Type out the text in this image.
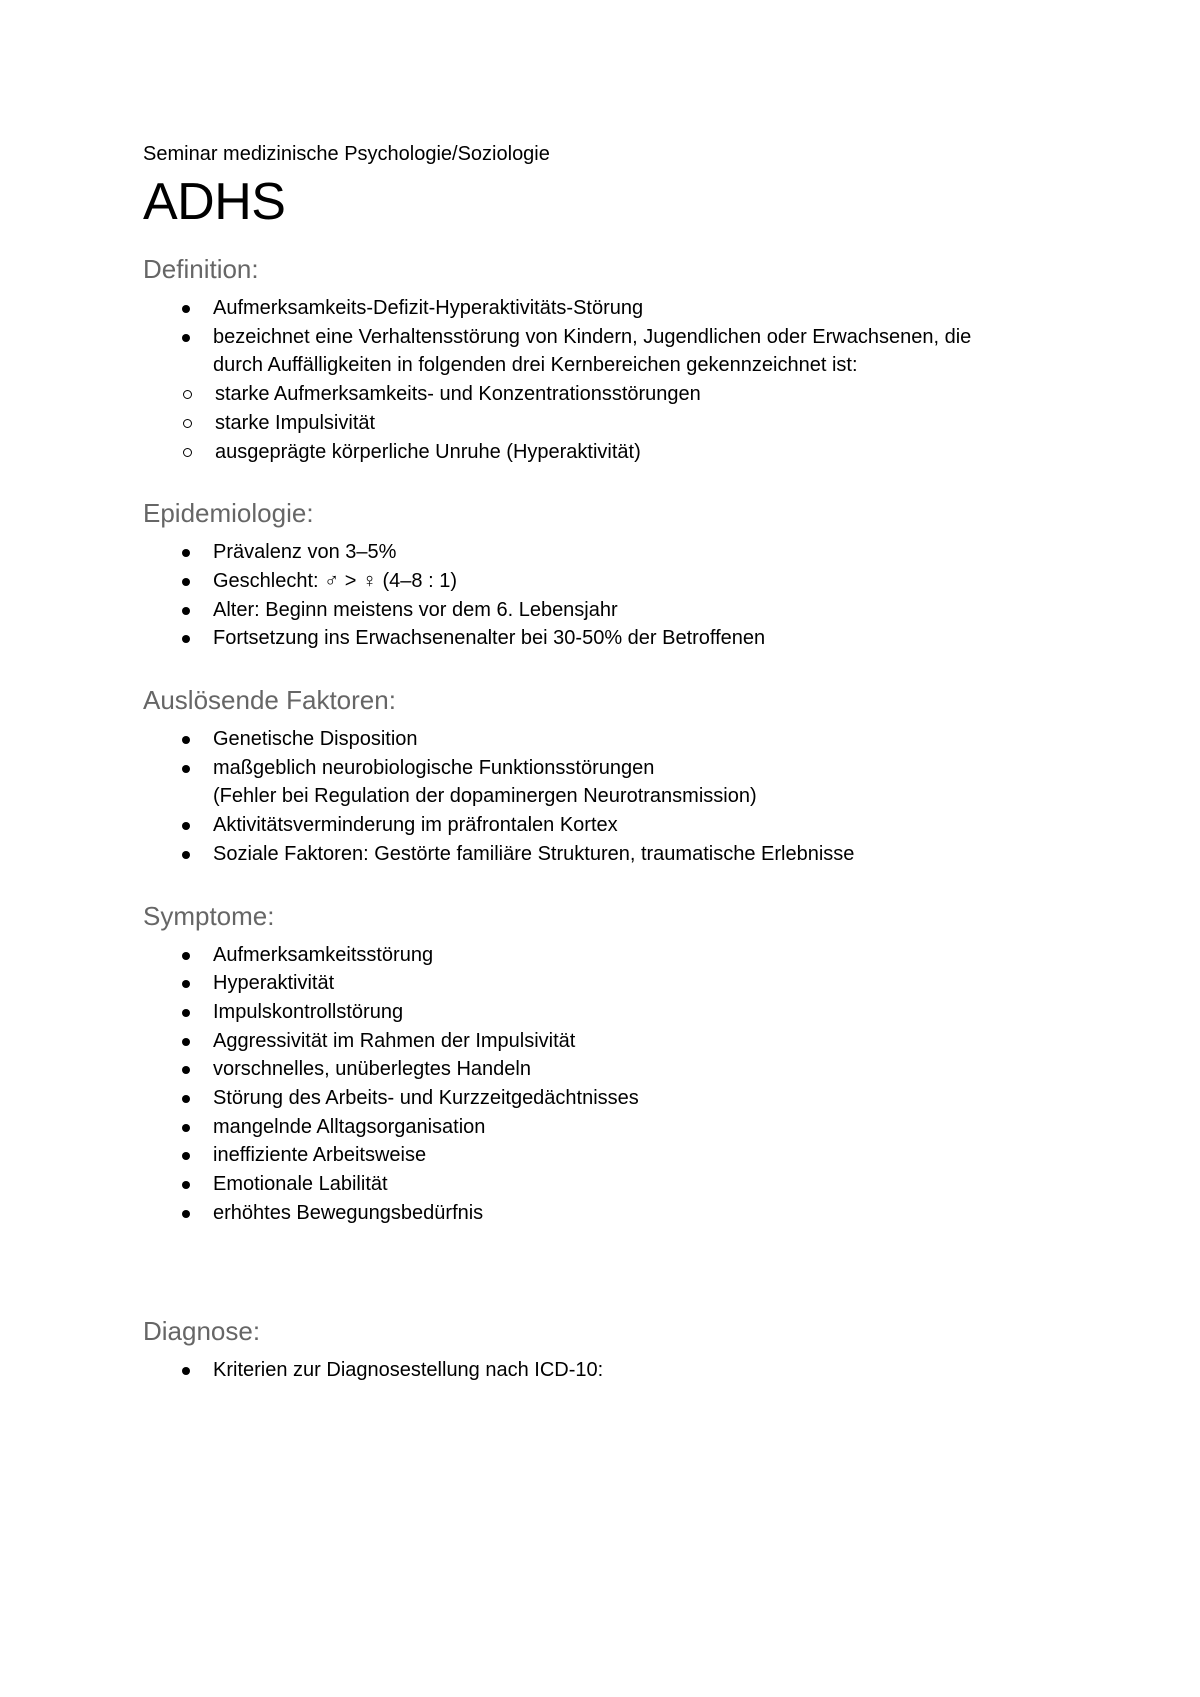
Seminar medizinische Psychologie/Soziologie

ADHS
Definition:
Aufmerksamkeits-Defizit-Hyperaktivitäts-Störung
bezeichnet eine Verhaltensstörung von Kindern, Jugendlichen oder Erwachsenen, die
durch Auffälligkeiten in folgenden drei Kernbereichen gekennzeichnet ist:
starke Aufmerksamkeits- und Konzentrationsstörungen
starke Impulsivität
ausgeprägte körperliche Unruhe (Hyperaktivität)
Epidemiologie:
Prävalenz von 3–5%
Geschlecht: ♂ > ♀ (4–8 : 1)
Alter: Beginn meistens vor dem 6. Lebensjahr
Fortsetzung ins Erwachsenenalter bei 30-50% der Betroffenen
Auslösende Faktoren:
Genetische Disposition
maßgeblich neurobiologische Funktionsstörungen
(Fehler bei Regulation der dopaminergen Neurotransmission)
Aktivitätsverminderung im präfrontalen Kortex
Soziale Faktoren: Gestörte familiäre Strukturen, traumatische Erlebnisse
Symptome:
Aufmerksamkeitsstörung
Hyperaktivität
Impulskontrollstörung
Aggressivität im Rahmen der Impulsivität
vorschnelles, unüberlegtes Handeln
Störung des Arbeits- und Kurzzeitgedächtnisses
mangelnde Alltagsorganisation
ineffiziente Arbeitsweise
Emotionale Labilität
erhöhtes Bewegungsbedürfnis
Diagnose:
Kriterien zur Diagnosestellung nach ICD-10:
